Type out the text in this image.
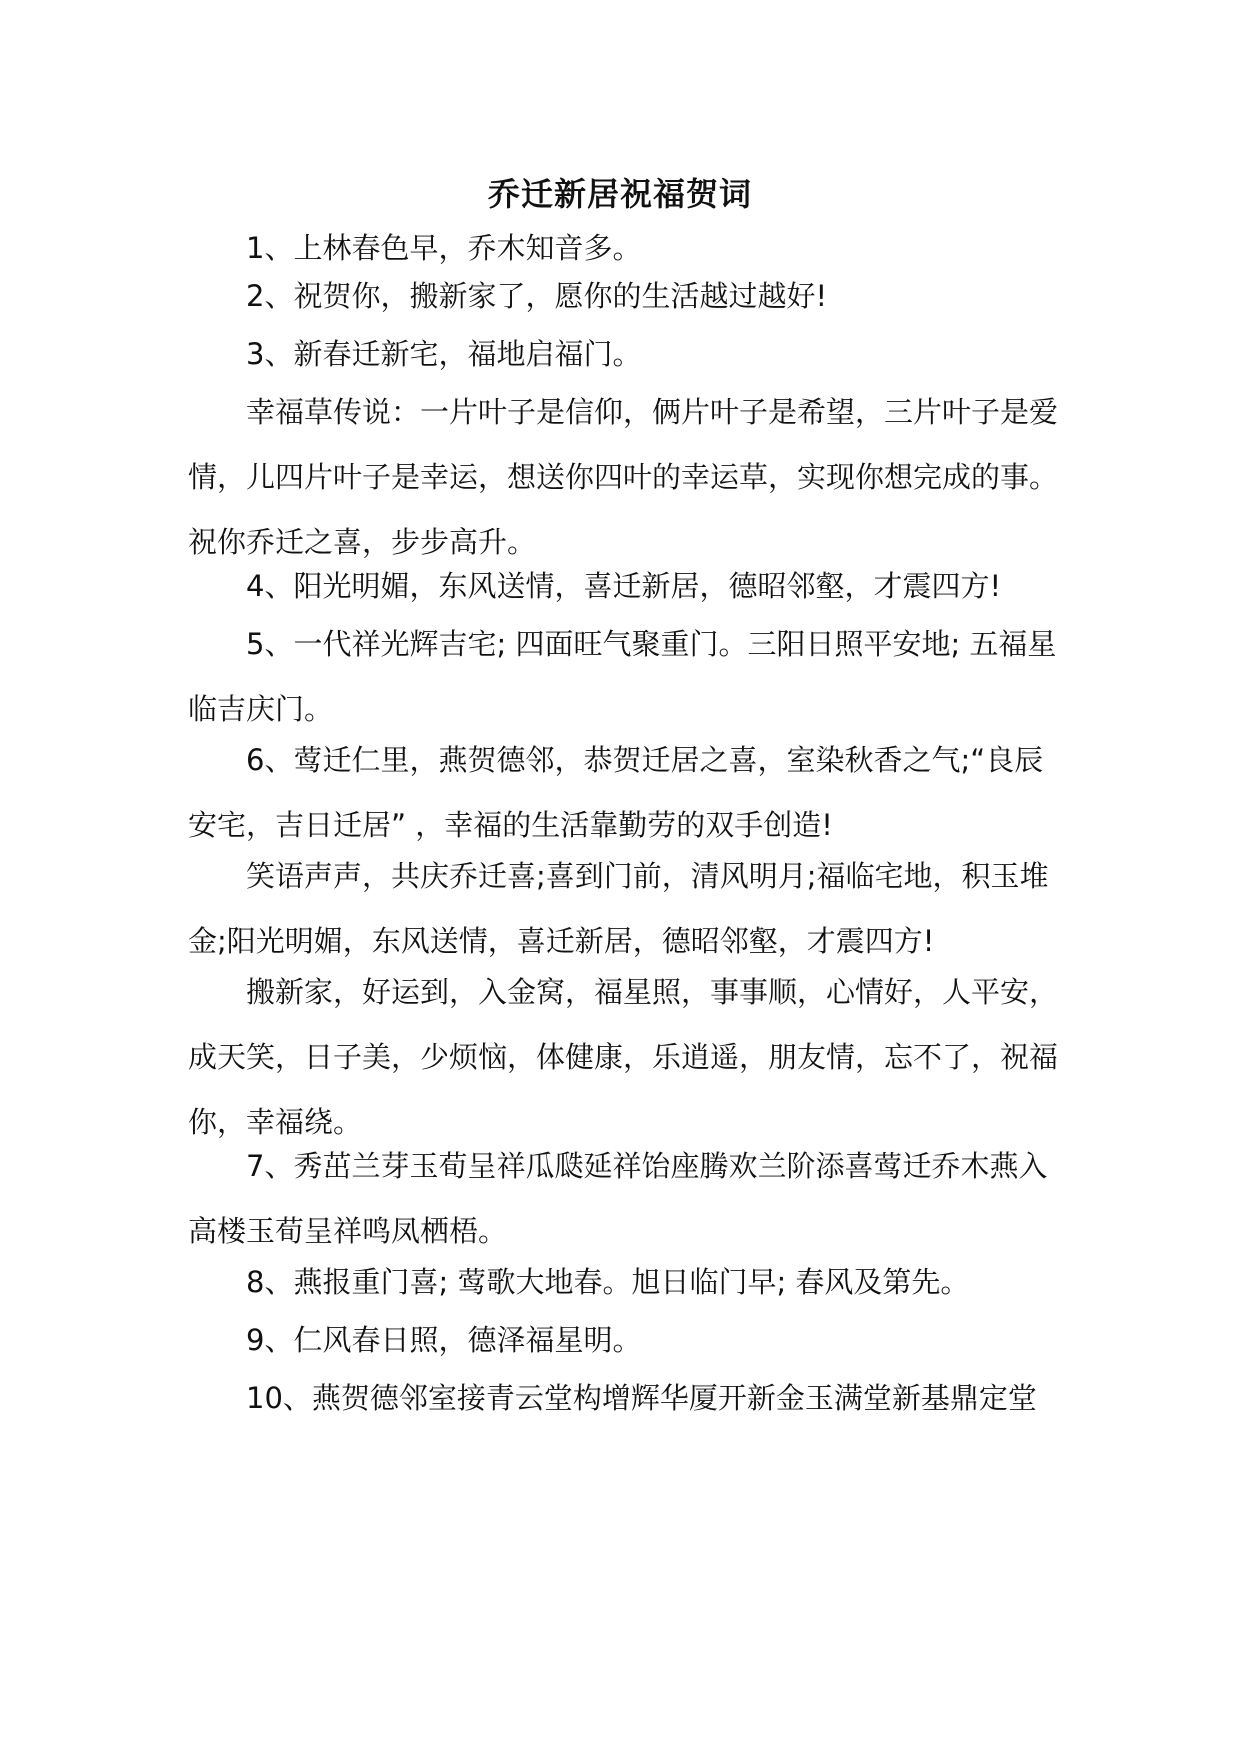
乔迁新居祝福贺词
1、上林春色早，乔木知音多。
2、祝贺你，搬新家了，愿你的生活越过越好!
3、新春迁新宅，福地启福门。
幸福草传说：一片叶子是信仰，俩片叶子是希望，三片叶子是爱情，儿四片叶子是幸运，想送你四叶的幸运草，实现你想完成的事。祝你乔迁之喜，步步高升。
4、阳光明媚，东风送情，喜迁新居，德昭邻壑，才震四方!
5、一代祥光辉吉宅; 四面旺气聚重门。三阳日照平安地; 五福星临吉庆门。
6、莺迁仁里，燕贺德邻，恭贺迁居之喜，室染秋香之气;“良辰安宅，吉日迁居” ，幸福的生活靠勤劳的双手创造!
笑语声声，共庆乔迁喜;喜到门前，清风明月;福临宅地，积玉堆金;阳光明媚，东风送情，喜迁新居，德昭邻壑，才震四方!
搬新家，好运到，入金窝，福星照，事事顺，心情好，人平安，成天笑，日子美，少烦恼，体健康，乐逍遥，朋友情，忘不了，祝福你，幸福绕。
7、秀茁兰芽玉荀呈祥瓜瓞延祥饴座腾欢兰阶添喜莺迁乔木燕入高楼玉荀呈祥鸣凤栖梧。
8、燕报重门喜; 莺歌大地春。旭日临门早; 春风及第先。
9、仁风春日照，德泽福星明。
10、燕贺德邻室接青云堂构增辉华厦开新金玉满堂新基鼎定堂
